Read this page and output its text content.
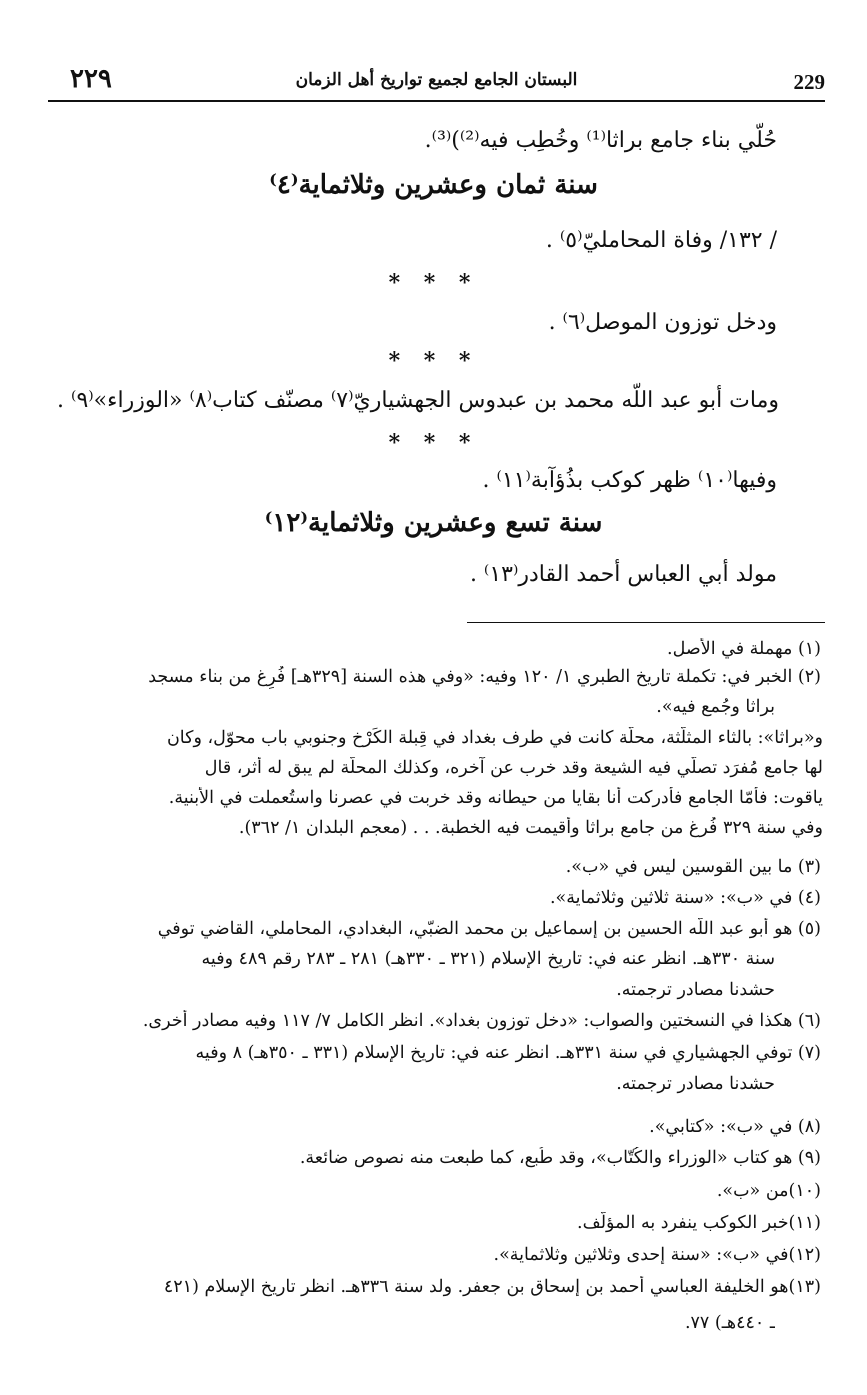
٢٢٩	البستان الجامع لجميع تواريخ أهل الزمان	229
حُلّي بناء جامع براثا⁽¹⁾ وخُطِب فيه⁽²⁾)⁽³⁾.
سنة ثمان وعشرين وثلاثماية⁽٤⁾
/ ١٣٢/ وفاة المحامليّ⁽٥⁾ .
* * *
ودخل توزون الموصل⁽٦⁾ .
* * *
ومات أبو عبد اللّه محمد بن عبدوس الجهشياريّ⁽٧⁾ مصنّف كتاب⁽٨⁾ «الوزراء»⁽٩⁾ .
* * *
وفيها⁽١٠⁾ ظهر كوكب بذُؤآبة⁽١١⁾ .
سنة تسع وعشرين وثلاثماية⁽١٢⁾
مولد أبي العباس أحمد القادر⁽١٣⁾ .
(١) مهملة في الأصل.
(٢) الخبر في: تكملة تاريخ الطبري ١/ ١٢٠ وفيه: «وفي هذه السنة [٣٢٩هـ] فُرِغ من بناء مسجد
براثا وجُمع فيه».
و«براثا»: بالثاء المثلّثة، محلّة كانت في طرف بغداد في قِبلة الكَرْخ وجنوبي باب محوّل، وكان
لها جامع مُفرَد تصلّي فيه الشيعة وقد خرب عن آخره، وكذلك المحلّة لم يبق له أثر، قال
ياقوت: فأمّا الجامع فأدركت أنا بقايا من حيطانه وقد خربت في عصرنا واستُعملت في الأبنية.
وفي سنة ٣٢٩ فُرغ من جامع براثا وأقيمت فيه الخطبة. . . (معجم البلدان ١/ ٣٦٢).
(٣) ما بين القوسين ليس في «ب».
(٤) في «ب»: «سنة ثلاثين وثلاثماية».
(٥) هو أبو عبد اللّه الحسين بن إسماعيل بن محمد الضبّي، البغدادي، المحاملي، القاضي توفي
سنة ٣٣٠هـ. انظر عنه في: تاريخ الإسلام (٣٢١ ـ ٣٣٠هـ) ٢٨١ ـ ٢٨٣ رقم ٤٨٩ وفيه
حشدنا مصادر ترجمته.
(٦) هكذا في النسختين والصواب: «دخل توزون بغداد». انظر الكامل ٧/ ١١٧ وفيه مصادر أخرى.
(٧) توفي الجهشياري في سنة ٣٣١هـ. انظر عنه في: تاريخ الإسلام (٣٣١ ـ ٣٥٠هـ) ٨ وفيه
حشدنا مصادر ترجمته.
(٨) في «ب»: «كتابي».
(٩) هو كتاب «الوزراء والكُتّاب»، وقد طُبع، كما طبعت منه نصوص ضائعة.
(١٠)من «ب».
(١١)خبر الكوكب ينفرد به المؤلّف.
(١٢)في «ب»: «سنة إحدى وثلاثين وثلاثماية».
(١٣)هو الخليفة العباسي أحمد بن إسحاق بن جعفر. ولد سنة ٣٣٦هـ. انظر تاريخ الإسلام (٤٢١
ـ ٤٤٠هـ) ٧٧.
